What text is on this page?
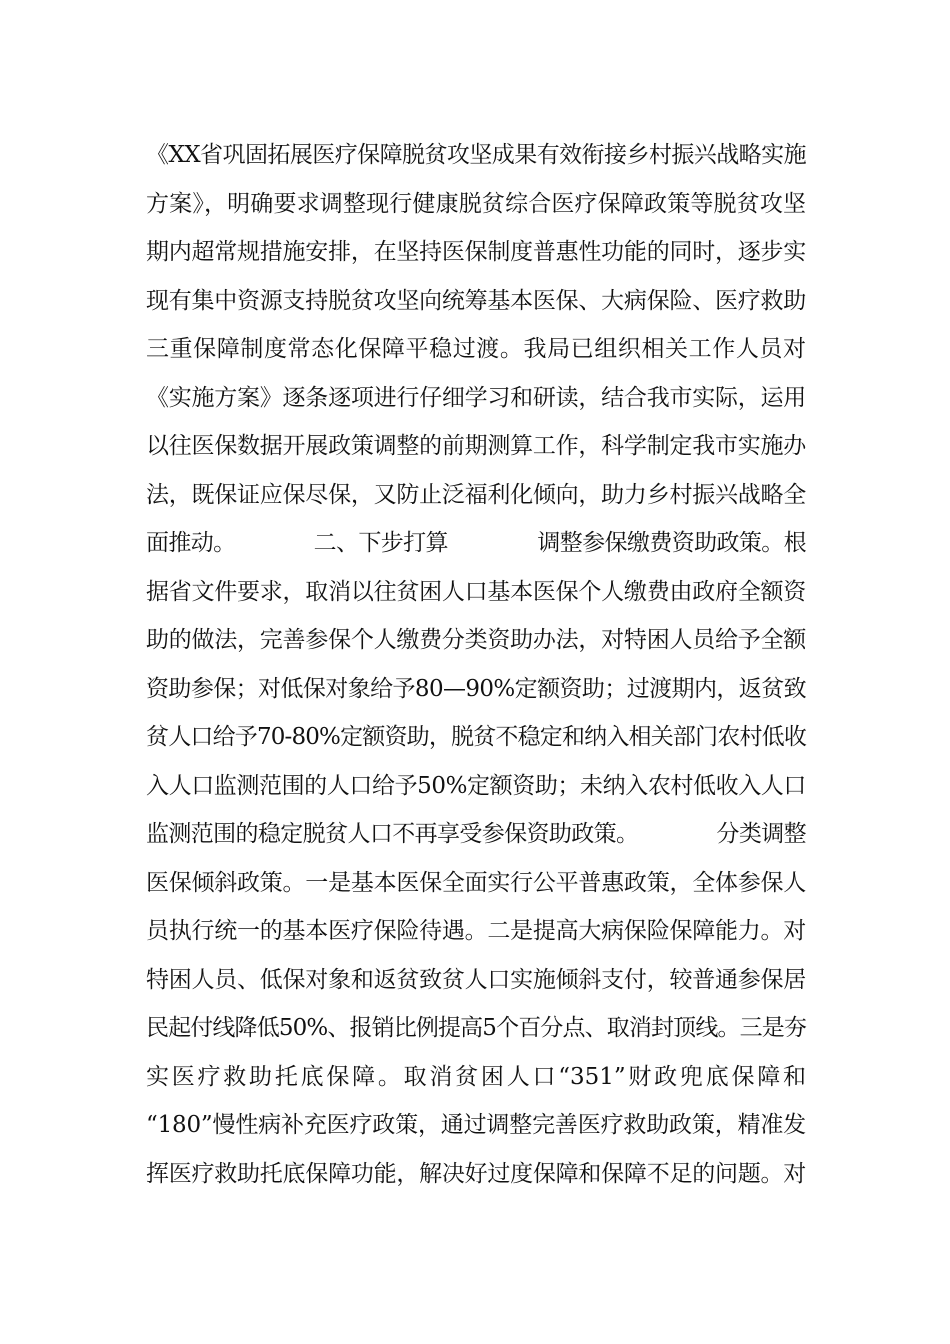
《XX省巩固拓展医疗保障脱贫攻坚成果有效衔接乡村振兴战略实施
方案》，明确要求调整现行健康脱贫综合医疗保障政策等脱贫攻坚
期内超常规措施安排，在坚持医保制度普惠性功能的同时，逐步实
现有集中资源支持脱贫攻坚向统筹基本医保、大病保险、医疗救助
三重保障制度常态化保障平稳过渡。我局已组织相关工作人员对
《实施方案》逐条逐项进行仔细学习和研读，结合我市实际，运用
以往医保数据开展政策调整的前期测算工作，科学制定我市实施办
法，既保证应保尽保，又防止泛福利化倾向，助力乡村振兴战略全
面推动。　　　　二、下步打算　　　　调整参保缴费资助政策。根
据省文件要求，取消以往贫困人口基本医保个人缴费由政府全额资
助的做法，完善参保个人缴费分类资助办法，对特困人员给予全额
资助参保；对低保对象给予80—90%定额资助；过渡期内，返贫致
贫人口给予70-80%定额资助，脱贫不稳定和纳入相关部门农村低收
入人口监测范围的人口给予50%定额资助；未纳入农村低收入人口
监测范围的稳定脱贫人口不再享受参保资助政策。　　　　分类调整
医保倾斜政策。一是基本医保全面实行公平普惠政策，全体参保人
员执行统一的基本医疗保险待遇。二是提高大病保险保障能力。对
特困人员、低保对象和返贫致贫人口实施倾斜支付，较普通参保居
民起付线降低50%、报销比例提高5个百分点、取消封顶线。三是夯
实医疗救助托底保障。取消贫困人口“351”财政兜底保障和
“180”慢性病补充医疗政策，通过调整完善医疗救助政策，精准发
挥医疗救助托底保障功能，解决好过度保障和保障不足的问题。对
